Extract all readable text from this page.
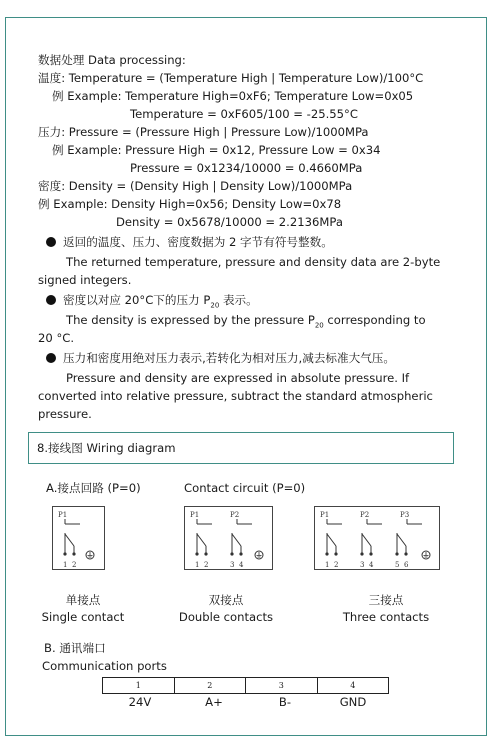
数据处理 Data processing:
温度: Temperature = (Temperature High | Temperature Low)/100°C
例 Example: Temperature High=0xF6; Temperature Low=0x05
Temperature = 0xF605/100 = -25.55°C
压力: Pressure = (Pressure High | Pressure Low)/1000MPa
例 Example: Pressure High = 0x12, Pressure Low = 0x34
Pressure = 0x1234/10000 = 0.4660MPa
密度: Density = (Density High | Density Low)/1000MPa
例 Example: Density High=0x56; Density Low=0x78
Density = 0x5678/10000 = 2.2136MPa
返回的温度、压力、密度数据为 2 字节有符号整数。
The returned temperature, pressure and density data are 2-byte
signed integers.
密度以对应 20°C下的压力 $P_{20}$ 表示。
The density is expressed by the pressure $P_{20}$ corresponding to
20 °C.
压力和密度用绝对压力表示,若转化为相对压力,减去标准大气压。
Pressure and density are expressed in absolute pressure. If
converted into relative pressure, subtract the standard atmospheric
pressure.
8.接线图 Wiring diagram
A.接点回路 (P=0)	Contact circuit (P=0)
P1
1 2
P1	P2
1 2	3 4
P1	P2	P3
1 2	3 4	5 6
单接点
Single contact
双接点
Double contacts
三接点
Three contacts
B. 通讯端口
Communication ports
1	2	3	4
24V	A+	B-	GND
